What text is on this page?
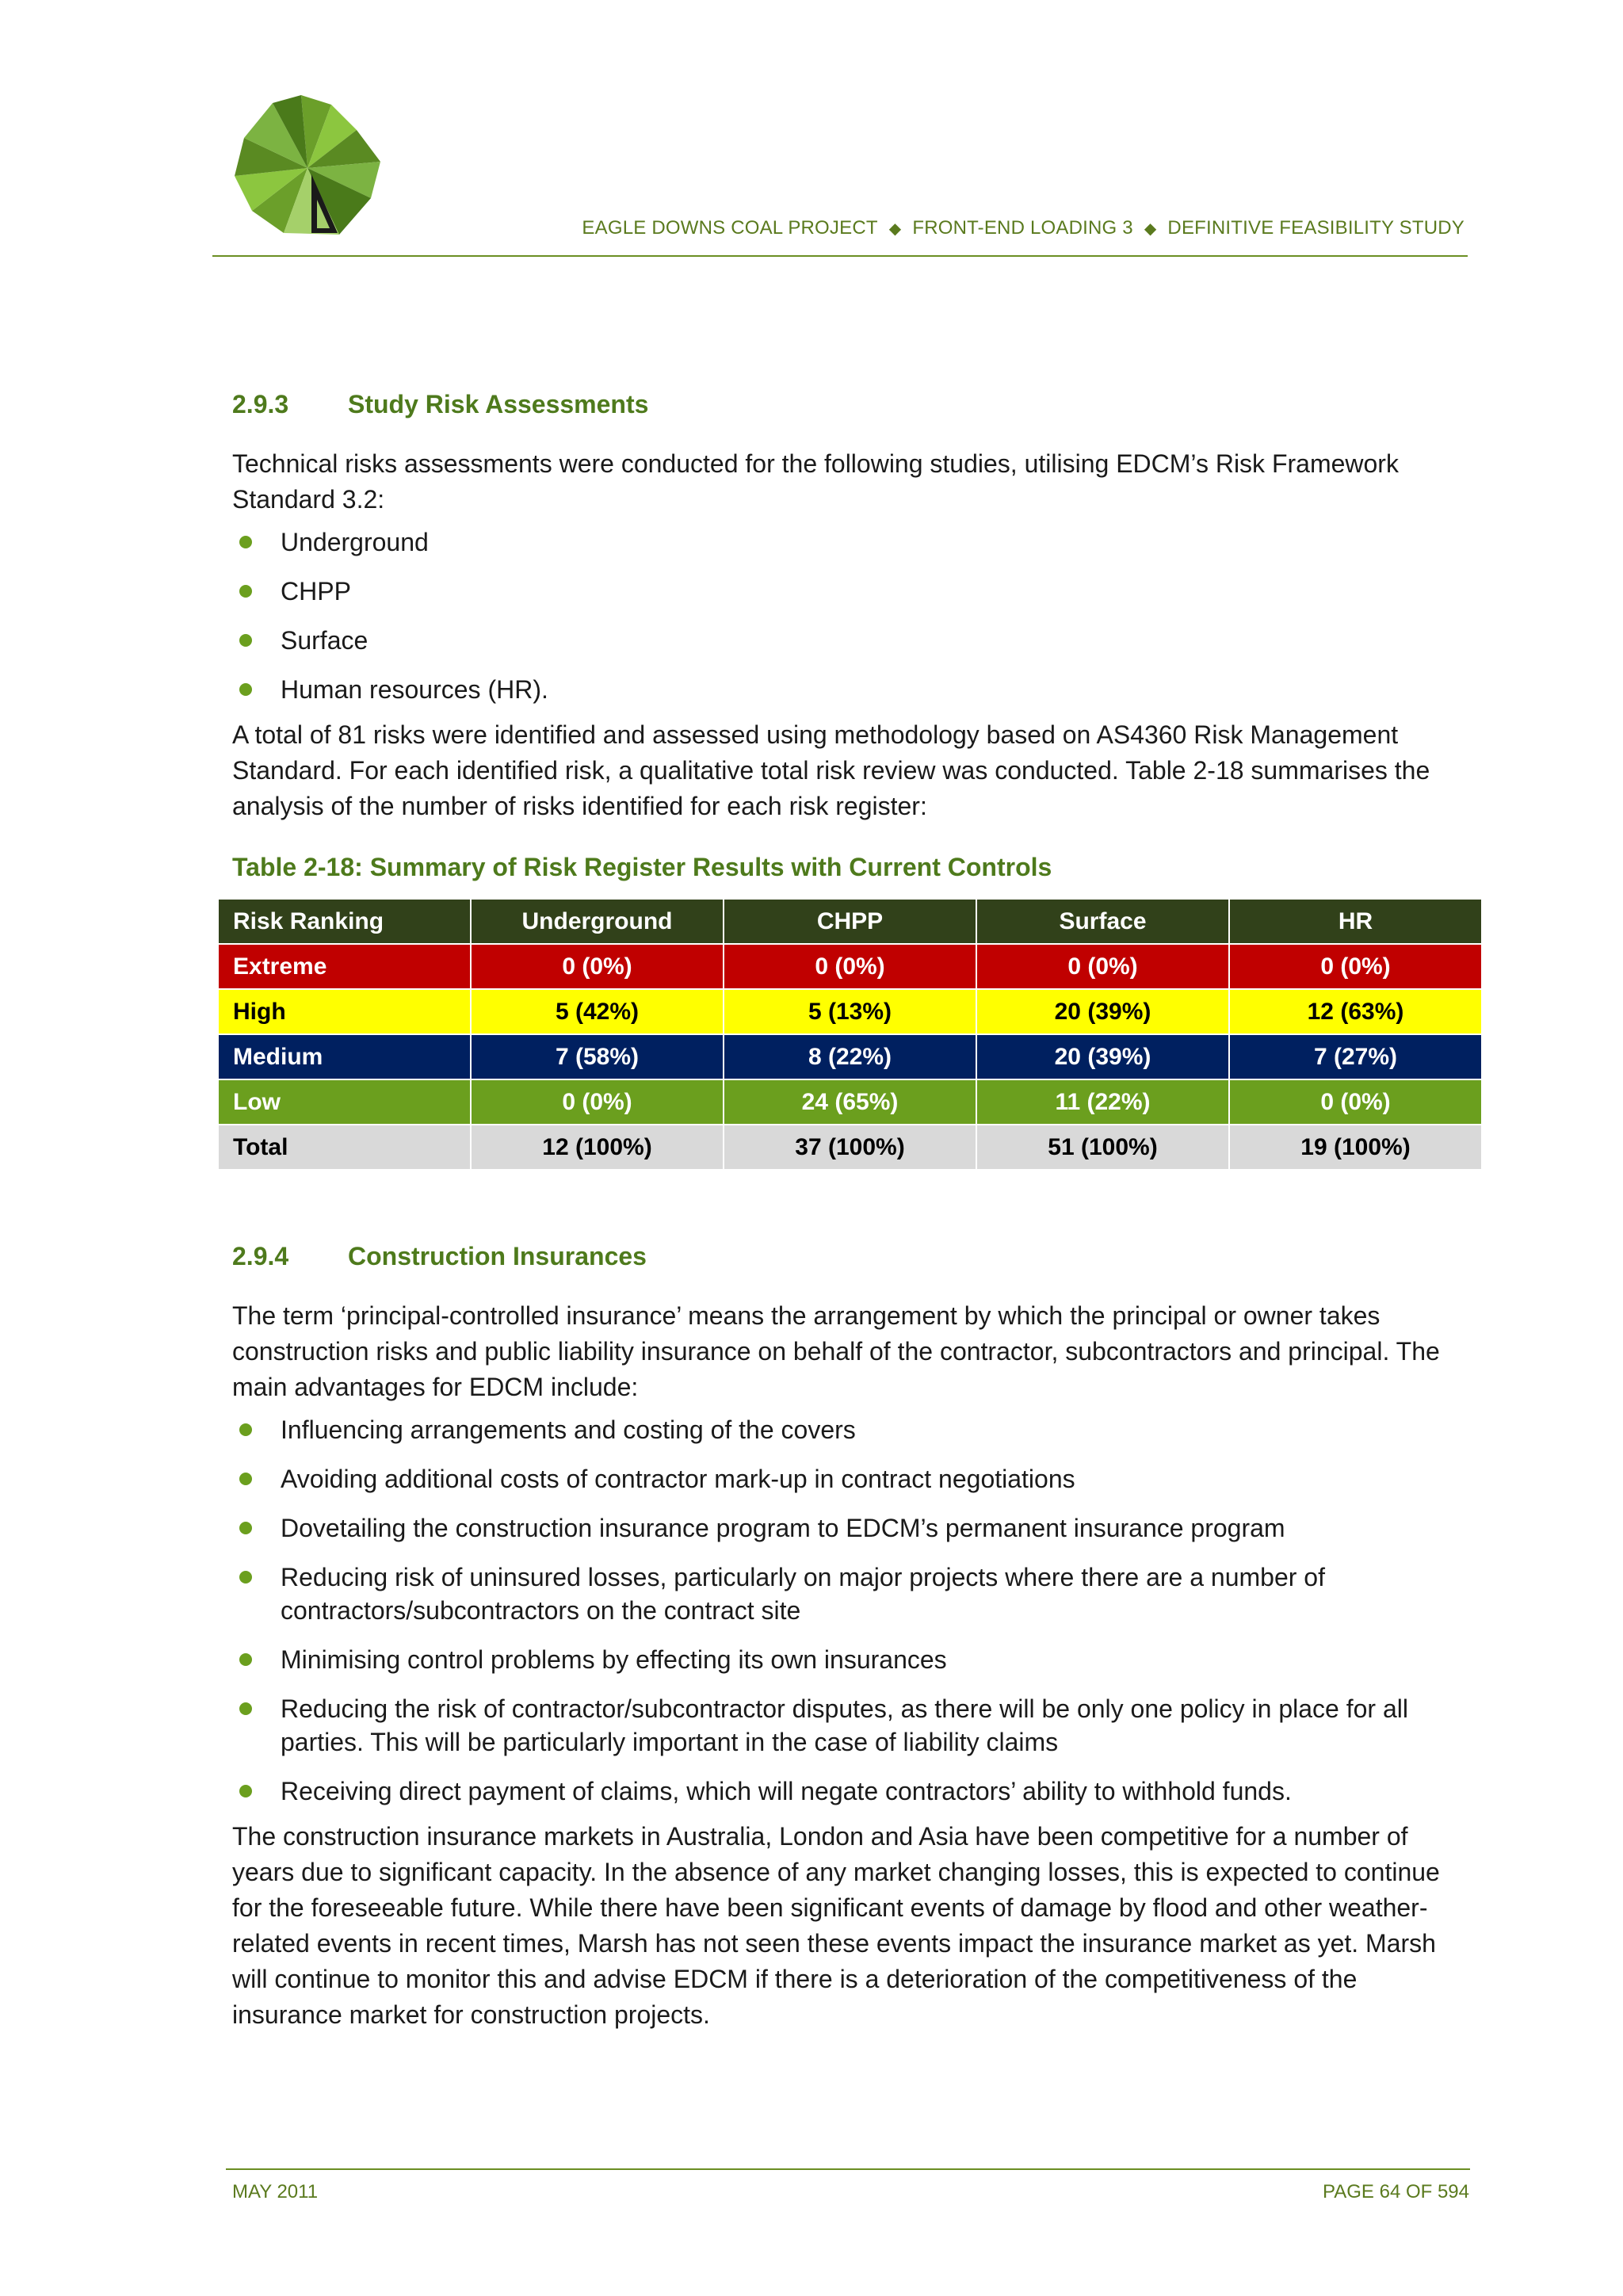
EAGLE DOWNS COAL PROJECT ◆ FRONT-END LOADING 3 ◆ DEFINITIVE FEASIBILITY STUDY
2.9.3	Study Risk Assessments

Technical risks assessments were conducted for the following studies, utilising EDCM’s Risk Framework Standard 3.2:

Underground
CHPP
Surface
Human resources (HR).

A total of 81 risks were identified and assessed using methodology based on AS4360 Risk Management Standard. For each identified risk, a qualitative total risk review was conducted. Table 2-18 summarises the analysis of the number of risks identified for each risk register:

Table 2-18: Summary of Risk Register Results with Current Controls
Risk Ranking	Underground	CHPP	Surface	HR
Extreme	0 (0%)	0 (0%)	0 (0%)	0 (0%)
High	5 (42%)	5 (13%)	20 (39%)	12 (63%)
Medium	7 (58%)	8 (22%)	20 (39%)	7 (27%)
Low	0 (0%)	24 (65%)	11 (22%)	0 (0%)
Total	12 (100%)	37 (100%)	51 (100%)	19 (100%)
2.9.4	Construction Insurances

The term ‘principal-controlled insurance’ means the arrangement by which the principal or owner takes construction risks and public liability insurance on behalf of the contractor, subcontractors and principal. The main advantages for EDCM include:

Influencing arrangements and costing of the covers
Avoiding additional costs of contractor mark-up in contract negotiations
Dovetailing the construction insurance program to EDCM’s permanent insurance program
Reducing risk of uninsured losses, particularly on major projects where there are a number of contractors/subcontractors on the contract site
Minimising control problems by effecting its own insurances
Reducing the risk of contractor/subcontractor disputes, as there will be only one policy in place for all parties. This will be particularly important in the case of liability claims
Receiving direct payment of claims, which will negate contractors’ ability to withhold funds.

The construction insurance markets in Australia, London and Asia have been competitive for a number of years due to significant capacity. In the absence of any market changing losses, this is expected to continue for the foreseeable future. While there have been significant events of damage by flood and other weather-related events in recent times, Marsh has not seen these events impact the insurance market as yet. Marsh will continue to monitor this and advise EDCM if there is a deterioration of the competitiveness of the insurance market for construction projects.

MAY 2011	PAGE 64 OF 594
